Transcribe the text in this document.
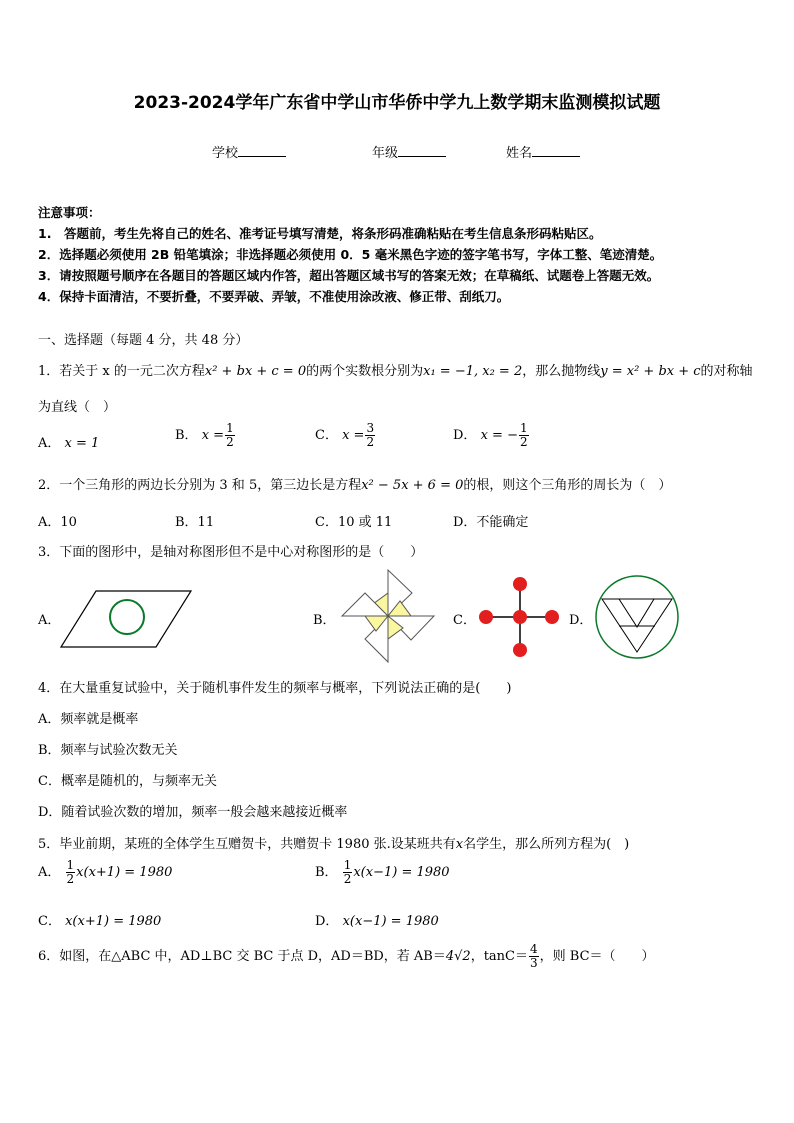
2023-2024学年广东省中学山市华侨中学九上数学期末监测模拟试题
学校	年级	姓名
注意事项：
1.　答题前，考生先将自己的姓名、准考证号填写清楚，将条形码准确粘贴在考生信息条形码粘贴区。
2．选择题必须使用 2B 铅笔填涂；非选择题必须使用 0．5 毫米黑色字迹的签字笔书写，字体工整、笔迹清楚。
3．请按照题号顺序在各题目的答题区域内作答，超出答题区域书写的答案无效；在草稿纸、试题卷上答题无效。
4．保持卡面清洁，不要折叠，不要弄破、弄皱，不准使用涂改液、修正带、刮纸刀。
一、选择题（每题 4 分，共 48 分）
1．若关于 x 的一元二次方程x² + bx + c = 0的两个实数根分别为x₁ = −1, x₂ = 2，那么抛物线y = x² + bx + c的对称轴
为直线（　）
A． x = 1
B． $x = \frac{1}{2}$	C． $x = \frac{3}{2}$	D． x = − $\frac{1}{2}$
2．一个三角形的两边长分别为 3 和 5，第三边长是方程x² − 5x + 6 = 0的根，则这个三角形的周长为（　）
A．10	B．11	C．10 或 11	D．不能确定
3．下面的图形中，是轴对称图形但不是中心对称图形的是（　　）
A．	B．	C．	D．
4．在大量重复试验中，关于随机事件发生的频率与概率，下列说法正确的是(　　)
A．频率就是概率
B．频率与试验次数无关
C．概率是随机的，与频率无关
D．随着试验次数的增加，频率一般会越来越接近概率
5．毕业前期，某班的全体学生互赠贺卡，共赠贺卡 1980 张.设某班共有x名学生，那么所列方程为(　)
A． $\frac{1}{2} x(x+1) = 1980$	B． $\frac{1}{2} x(x-1) = 1980$
C． x(x+1) = 1980	D． x(x−1) = 1980
6．如图，在△ABC 中，AD⊥BC 交 BC 于点 D，AD＝BD，若 AB＝4√2，$\tan C= \frac{4}{3}$ ，则 BC＝（　　）
